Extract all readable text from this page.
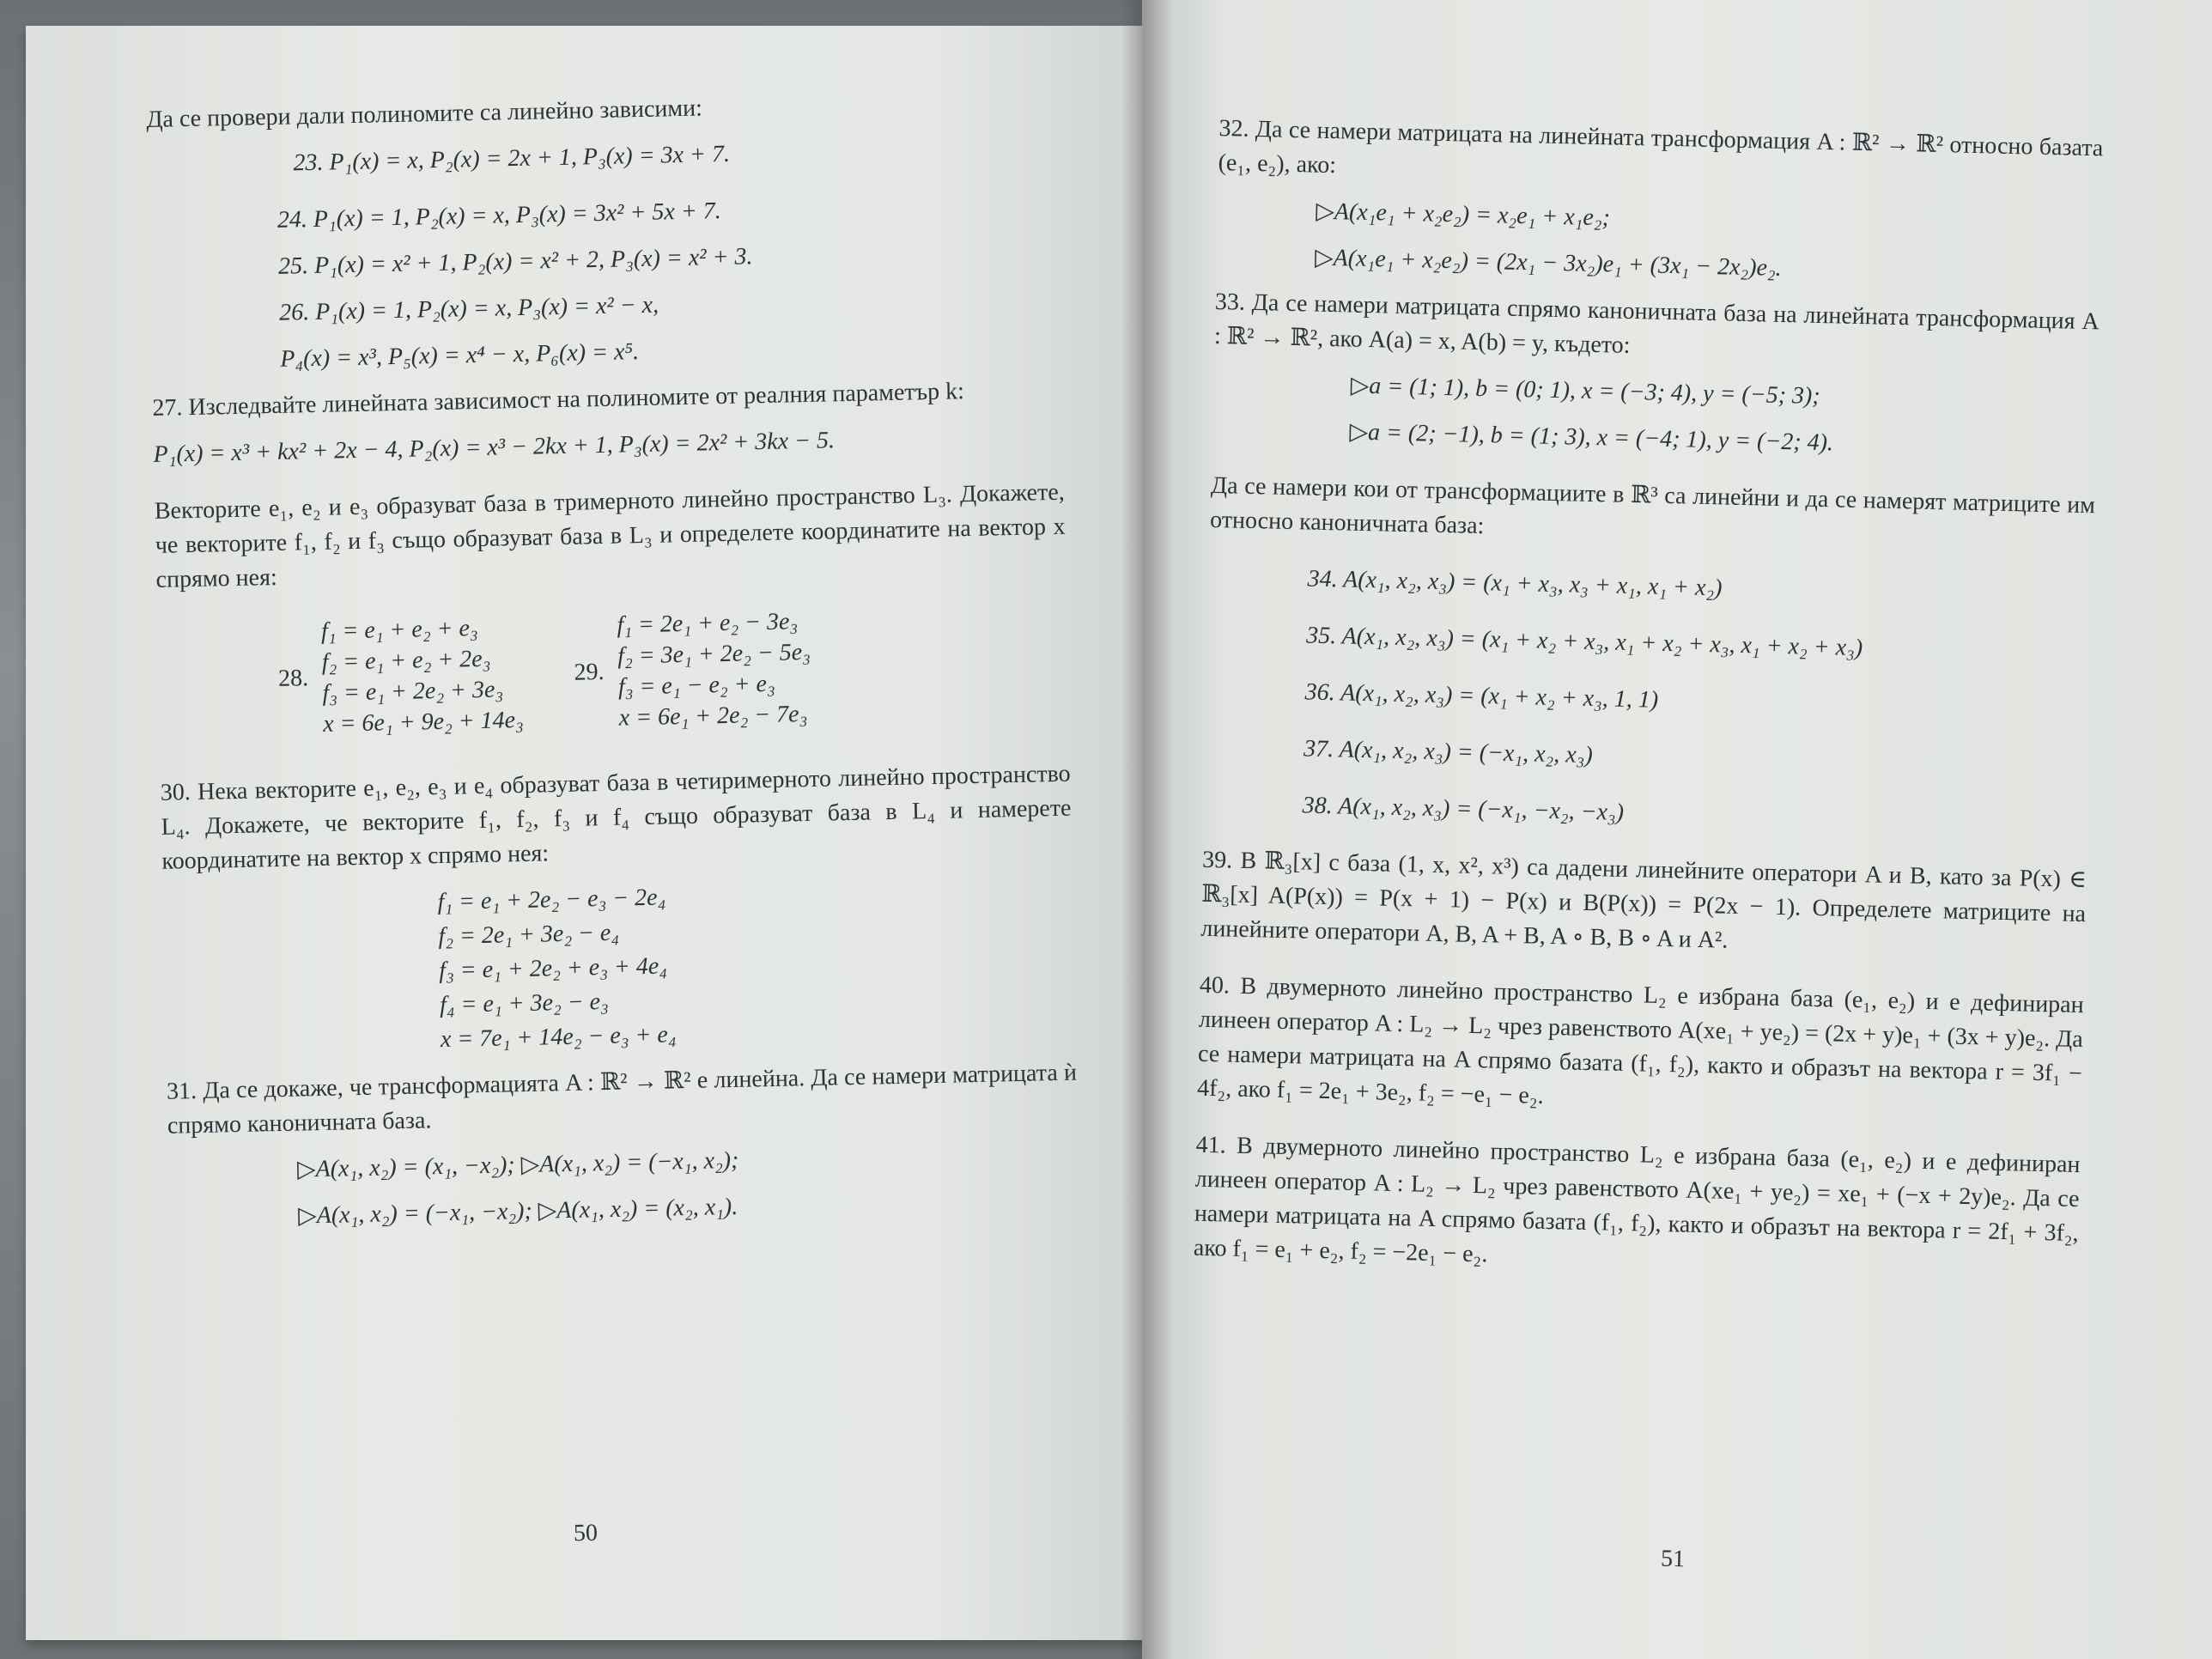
Да се провери дали полиномите са линейно зависими:

23. P₁(x) = x, P₂(x) = 2x + 1, P₃(x) = 3x + 7.

24. P₁(x) = 1, P₂(x) = x, P₃(x) = 3x² + 5x + 7.

25. P₁(x) = x² + 1, P₂(x) = x² + 2, P₃(x) = x² + 3.

26. P₁(x) = 1, P₂(x) = x, P₃(x) = x² − x,

P₄(x) = x³, P₅(x) = x⁴ − x, P₆(x) = x⁵.

27. Изследвайте линейната зависимост на полиномите от реалния параметър k:

P₁(x) = x³ + kx² + 2x − 4, P₂(x) = x³ − 2kx + 1, P₃(x) = 2x² + 3kx − 5.

Векторите e₁, e₂ и e₃ образуват база в тримерното линейно пространство L₃. Докажете, че векторите f₁, f₂ и f₃ също образуват база в L₃ и определете координатите на вектор x спрямо нея:

28.

f₁ = e₁ + e₂ + e₃

f₂ = e₁ + e₂ + 2e₃

f₃ = e₁ + 2e₂ + 3e₃

x = 6e₁ + 9e₂ + 14e₃

29.

f₁ = 2e₁ + e₂ − 3e₃

f₂ = 3e₁ + 2e₂ − 5e₃

f₃ = e₁ − e₂ + e₃

x = 6e₁ + 2e₂ − 7e₃

30. Нека векторите e₁, e₂, e₃ и e₄ образуват база в четиримерното линейно пространство L₄. Докажете, че векторите f₁, f₂, f₃ и f₄ също образуват база в L₄ и намерете координатите на вектор x спрямо нея:

f₁ = e₁ + 2e₂ − e₃ − 2e₄

f₂ = 2e₁ + 3e₂ − e₄

f₃ = e₁ + 2e₂ + e₃ + 4e₄

f₄ = e₁ + 3e₂ − e₃

x = 7e₁ + 14e₂ − e₃ + e₄

31. Да се докаже, че трансформацията A : ℝ² → ℝ² е линейна. Да се намери матрицата ѝ спрямо каноничната база.

▷A(x₁, x₂) = (x₁, −x₂); ▷A(x₁, x₂) = (−x₁, x₂);

▷A(x₁, x₂) = (−x₁, −x₂); ▷A(x₁, x₂) = (x₂, x₁).

32. Да се намери матрицата на линейната трансформация A : ℝ² → ℝ² относно базата (e₁, e₂), ако:

▷A(x₁e₁ + x₂e₂) = x₂e₁ + x₁e₂;

▷A(x₁e₁ + x₂e₂) = (2x₁ − 3x₂)e₁ + (3x₁ − 2x₂)e₂.

33. Да се намери матрицата спрямо каноничната база на линейната трансформация A : ℝ² → ℝ², ако A(a) = x, A(b) = y, където:

▷a = (1; 1), b = (0; 1), x = (−3; 4), y = (−5; 3);

▷a = (2; −1), b = (1; 3), x = (−4; 1), y = (−2; 4).

Да се намери кои от трансформациите в ℝ³ са линейни и да се намерят матриците им относно каноничната база:

34. A(x₁, x₂, x₃) = (x₁ + x₃, x₃ + x₁, x₁ + x₂)

35. A(x₁, x₂, x₃) = (x₁ + x₂ + x₃, x₁ + x₂ + x₃, x₁ + x₂ + x₃)

36. A(x₁, x₂, x₃) = (x₁ + x₂ + x₃, 1, 1)

37. A(x₁, x₂, x₃) = (−x₁, x₂, x₃)

38. A(x₁, x₂, x₃) = (−x₁, −x₂, −x₃)

39. В ℝ₃[x] с база (1, x, x², x³) са дадени линейните оператори A и B, като за P(x) ∈ ℝ₃[x] A(P(x)) = P(x + 1) − P(x) и B(P(x)) = P(2x − 1). Определете матриците на линейните оператори A, B, A + B, A ∘ B, B ∘ A и A².

40. В двумерното линейно пространство L₂ е избрана база (e₁, e₂) и е дефиниран линеен оператор A : L₂ → L₂ чрез равенството A(xe₁ + ye₂) = (2x + y)e₁ + (3x + y)e₂. Да се намери матрицата на A спрямо базата (f₁, f₂), както и образът на вектора r = 3f₁ − 4f₂, ако f₁ = 2e₁ + 3e₂, f₂ = −e₁ − e₂.

41. В двумерното линейно пространство L₂ е избрана база (e₁, e₂) и е дефиниран линеен оператор A : L₂ → L₂ чрез равенството A(xe₁ + ye₂) = xe₁ + (−x + 2y)e₂. Да се намери матрицата на A спрямо базата (f₁, f₂), както и образът на вектора r = 2f₁ + 3f₂, ако f₁ = e₁ + e₂, f₂ = −2e₁ − e₂.

50
51
